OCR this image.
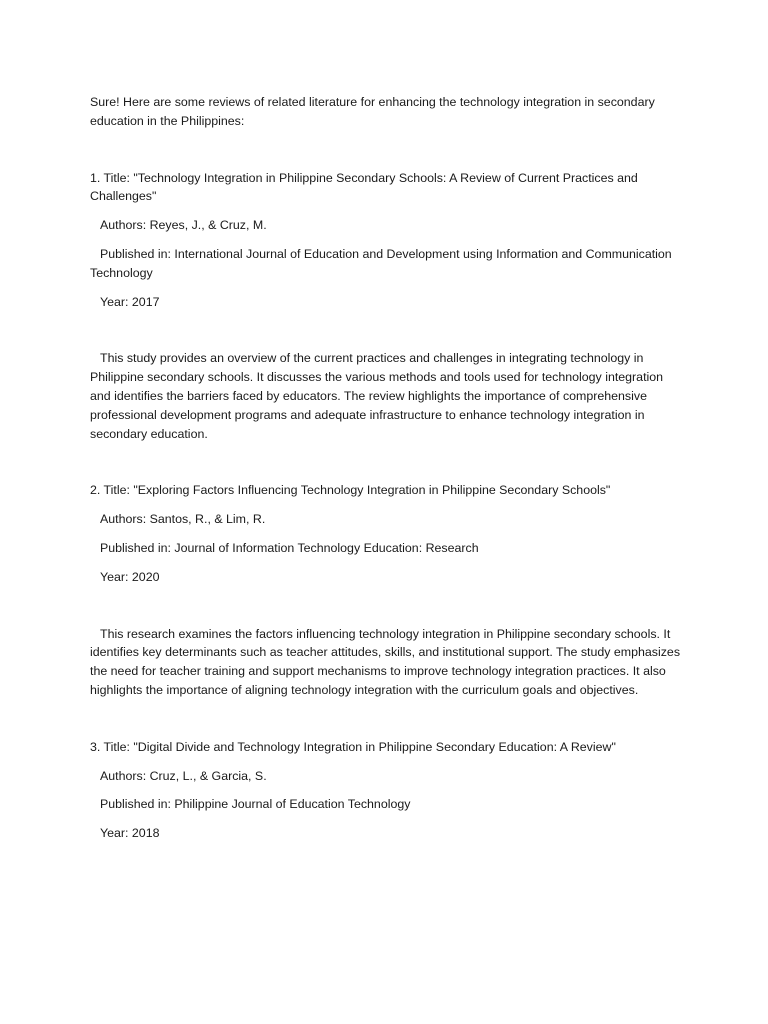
Sure! Here are some reviews of related literature for enhancing the technology integration in secondary education in the Philippines:

1. Title: "Technology Integration in Philippine Secondary Schools: A Review of Current Practices and Challenges"

Authors: Reyes, J., & Cruz, M.

Published in: International Journal of Education and Development using Information and Communication Technology

Year: 2017

This study provides an overview of the current practices and challenges in integrating technology in Philippine secondary schools. It discusses the various methods and tools used for technology integration and identifies the barriers faced by educators. The review highlights the importance of comprehensive professional development programs and adequate infrastructure to enhance technology integration in secondary education.

2. Title: "Exploring Factors Influencing Technology Integration in Philippine Secondary Schools"

Authors: Santos, R., & Lim, R.

Published in: Journal of Information Technology Education: Research

Year: 2020

This research examines the factors influencing technology integration in Philippine secondary schools. It identifies key determinants such as teacher attitudes, skills, and institutional support. The study emphasizes the need for teacher training and support mechanisms to improve technology integration practices. It also highlights the importance of aligning technology integration with the curriculum goals and objectives.

3. Title: "Digital Divide and Technology Integration in Philippine Secondary Education: A Review"

Authors: Cruz, L., & Garcia, S.

Published in: Philippine Journal of Education Technology

Year: 2018
